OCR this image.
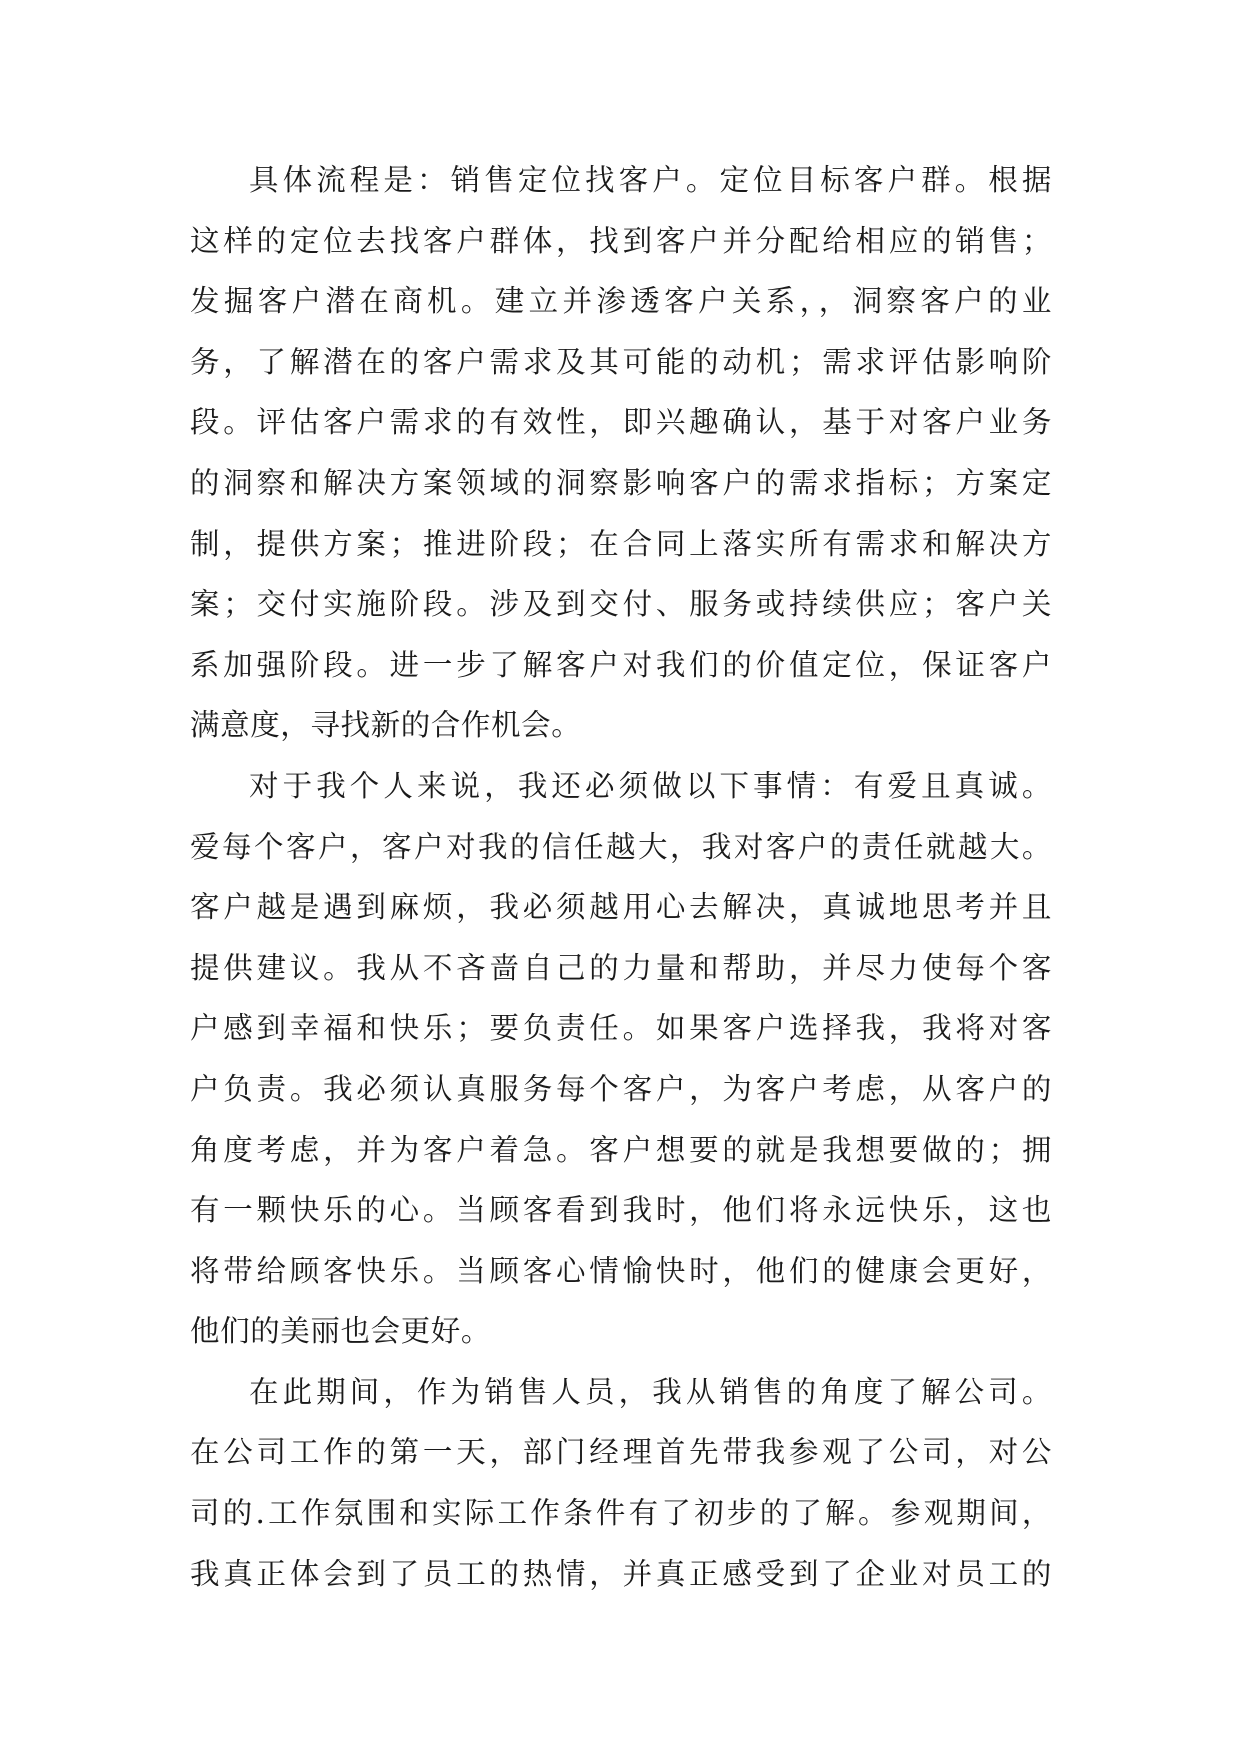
具体流程是：销售定位找客户。定位目标客户群。根据
这样的定位去找客户群体，找到客户并分配给相应的销售；
发掘客户潜在商机。建立并渗透客户关系，，洞察客户的业
务，了解潜在的客户需求及其可能的动机；需求评估影响阶
段。评估客户需求的有效性，即兴趣确认，基于对客户业务
的洞察和解决方案领域的洞察影响客户的需求指标；方案定
制，提供方案；推进阶段；在合同上落实所有需求和解决方
案；交付实施阶段。涉及到交付、服务或持续供应；客户关
系加强阶段。进一步了解客户对我们的价值定位，保证客户
满意度，寻找新的合作机会。
对于我个人来说，我还必须做以下事情：有爱且真诚。
爱每个客户，客户对我的信任越大，我对客户的责任就越大。
客户越是遇到麻烦，我必须越用心去解决，真诚地思考并且
提供建议。我从不吝啬自己的力量和帮助，并尽力使每个客
户感到幸福和快乐；要负责任。如果客户选择我，我将对客
户负责。我必须认真服务每个客户，为客户考虑，从客户的
角度考虑，并为客户着急。客户想要的就是我想要做的；拥
有一颗快乐的心。当顾客看到我时，他们将永远快乐，这也
将带给顾客快乐。当顾客心情愉快时，他们的健康会更好，
他们的美丽也会更好。
在此期间，作为销售人员，我从销售的角度了解公司。
在公司工作的第一天，部门经理首先带我参观了公司，对公
司的.工作氛围和实际工作条件有了初步的了解。参观期间，
我真正体会到了员工的热情，并真正感受到了企业对员工的
